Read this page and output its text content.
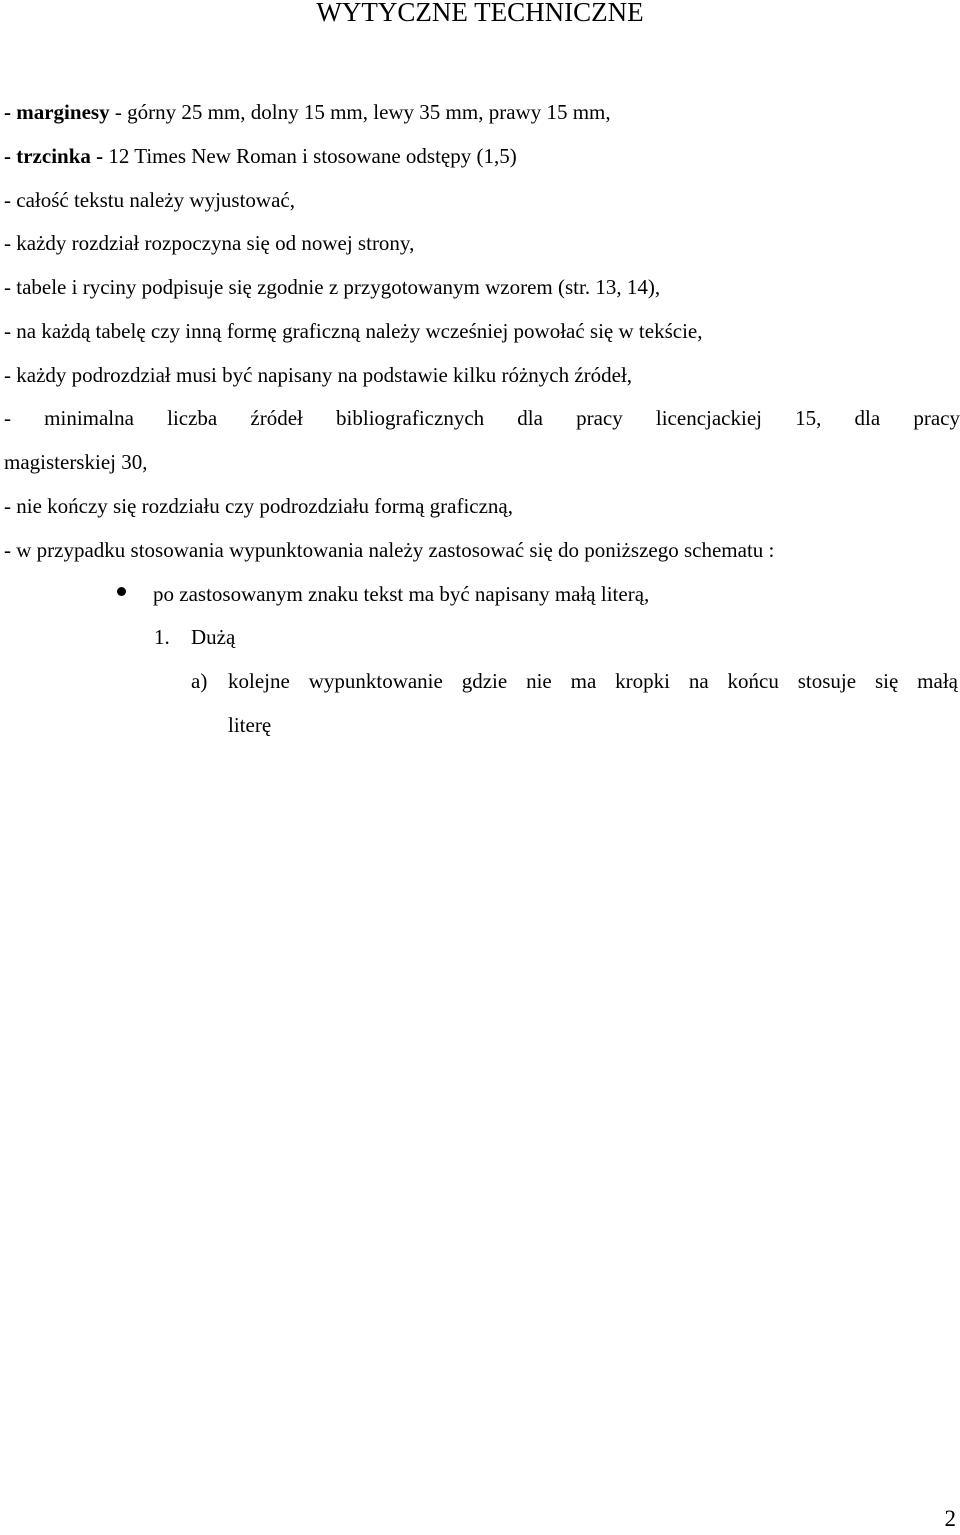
WYTYCZNE TECHNICZNE

- marginesy - górny 25 mm, dolny 15 mm, lewy 35 mm, prawy 15 mm,

- trzcinka - 12 Times New Roman i stosowane odstępy (1,5)

- całość tekstu należy wyjustować,

- każdy rozdział rozpoczyna się od nowej strony,

- tabele i ryciny podpisuje się zgodnie z przygotowanym wzorem (str. 13, 14),

- na każdą tabelę czy inną formę graficzną należy wcześniej powołać się w tekście,

- każdy podrozdział musi być napisany na podstawie kilku różnych źródeł,

- minimalna liczba źródeł bibliograficznych dla pracy licencjackiej 15, dla pracy

magisterskiej 30,

- nie kończy się rozdziału czy podrozdziału formą graficzną,

- w przypadku stosowania wypunktowania należy zastosować się do poniższego schematu :

po zastosowanym znaku tekst ma być napisany małą literą,

1. Dużą

a) kolejne wypunktowanie gdzie nie ma kropki na końcu stosuje się małą

literę

2
